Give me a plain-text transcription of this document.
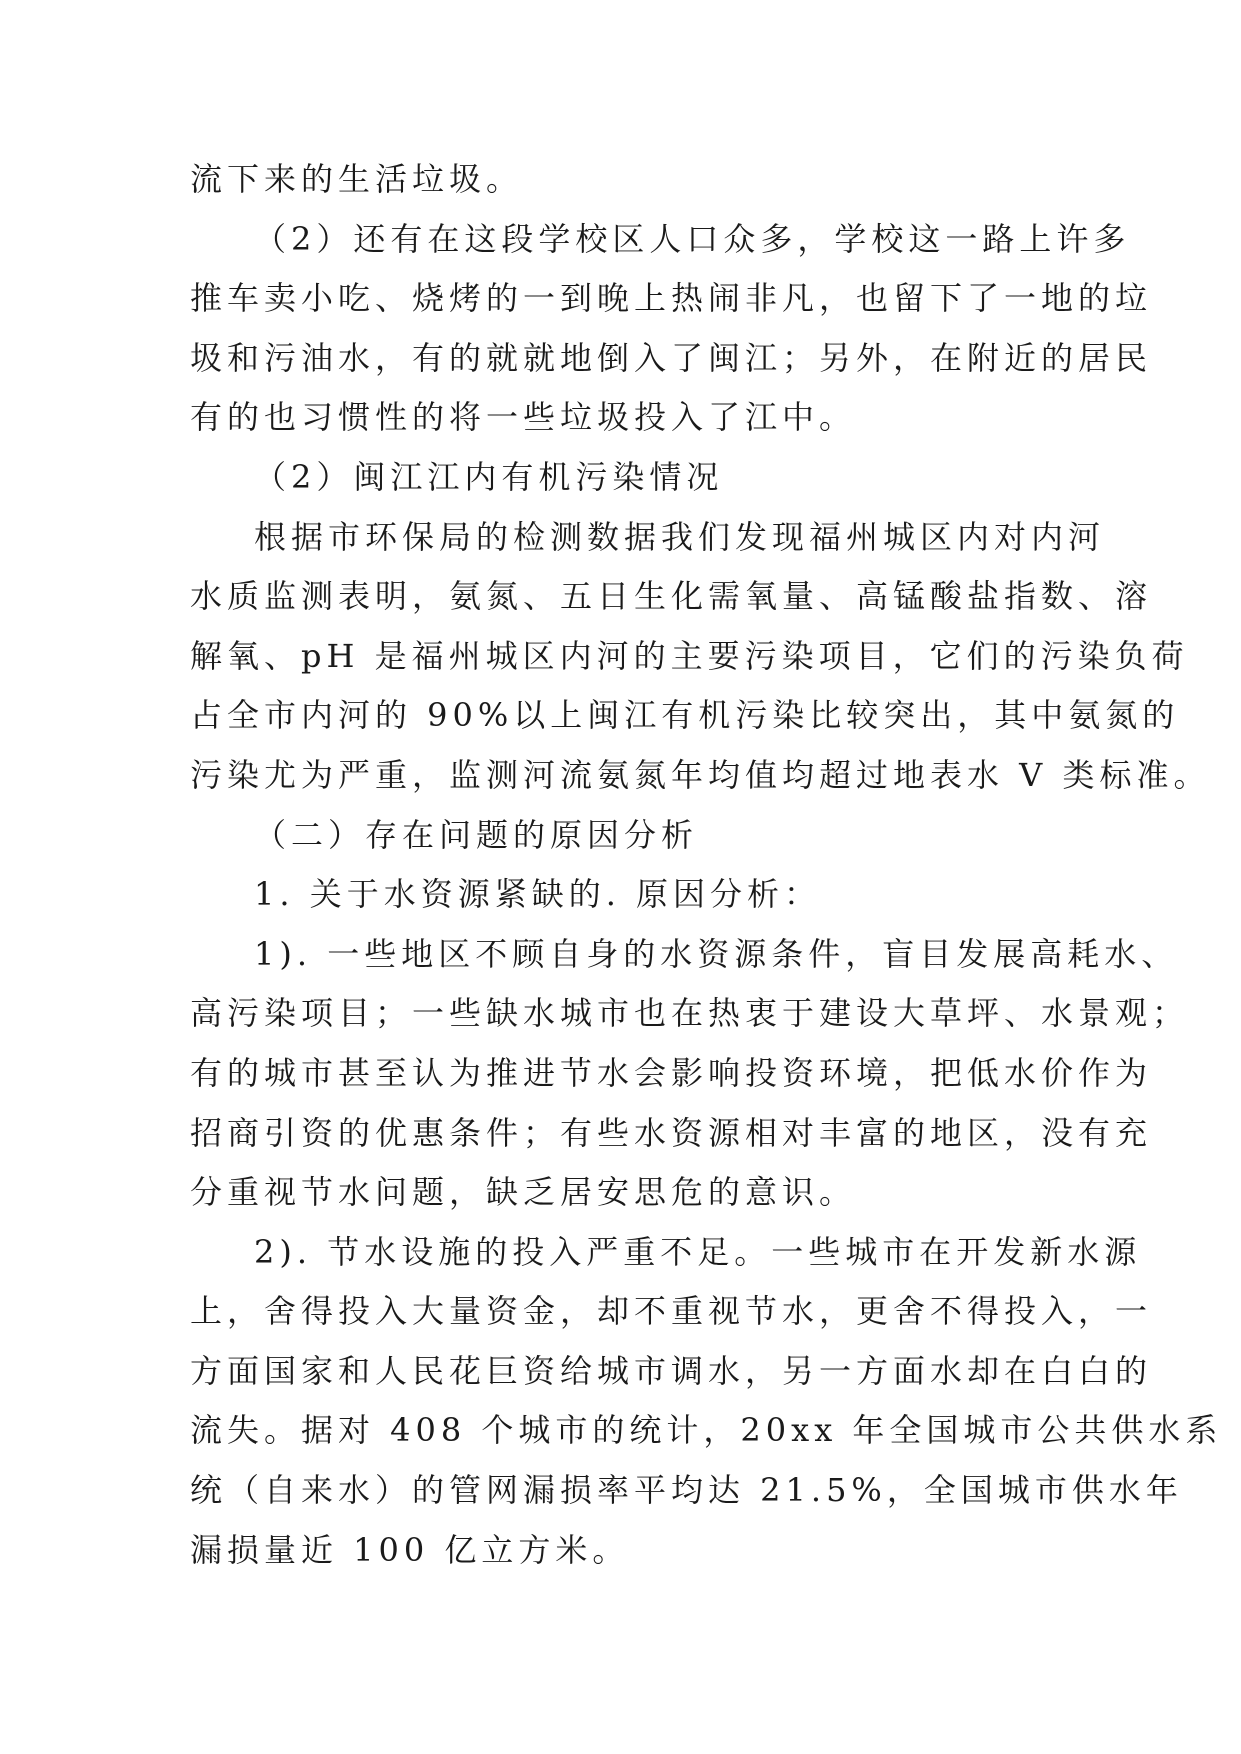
流下来的生活垃圾。
（2）还有在这段学校区人口众多，学校这一路上许多
推车卖小吃、烧烤的一到晚上热闹非凡，也留下了一地的垃
圾和污油水，有的就就地倒入了闽江；另外，在附近的居民
有的也习惯性的将一些垃圾投入了江中。
（2）闽江江内有机污染情况
根据市环保局的检测数据我们发现福州城区内对内河
水质监测表明，氨氮、五日生化需氧量、高锰酸盐指数、溶
解氧、pH 是福州城区内河的主要污染项目，它们的污染负荷
占全市内河的 90%以上闽江有机污染比较突出，其中氨氮的
污染尤为严重，监测河流氨氮年均值均超过地表水 V 类标准。
（二）存在问题的原因分析
1. 关于水资源紧缺的. 原因分析：
1). 一些地区不顾自身的水资源条件，盲目发展高耗水、
高污染项目；一些缺水城市也在热衷于建设大草坪、水景观；
有的城市甚至认为推进节水会影响投资环境，把低水价作为
招商引资的优惠条件；有些水资源相对丰富的地区，没有充
分重视节水问题，缺乏居安思危的意识。
2). 节水设施的投入严重不足。一些城市在开发新水源
上，舍得投入大量资金，却不重视节水，更舍不得投入，一
方面国家和人民花巨资给城市调水，另一方面水却在白白的
流失。据对 408 个城市的统计，20xx 年全国城市公共供水系
统（自来水）的管网漏损率平均达 21.5%，全国城市供水年
漏损量近 100 亿立方米。
